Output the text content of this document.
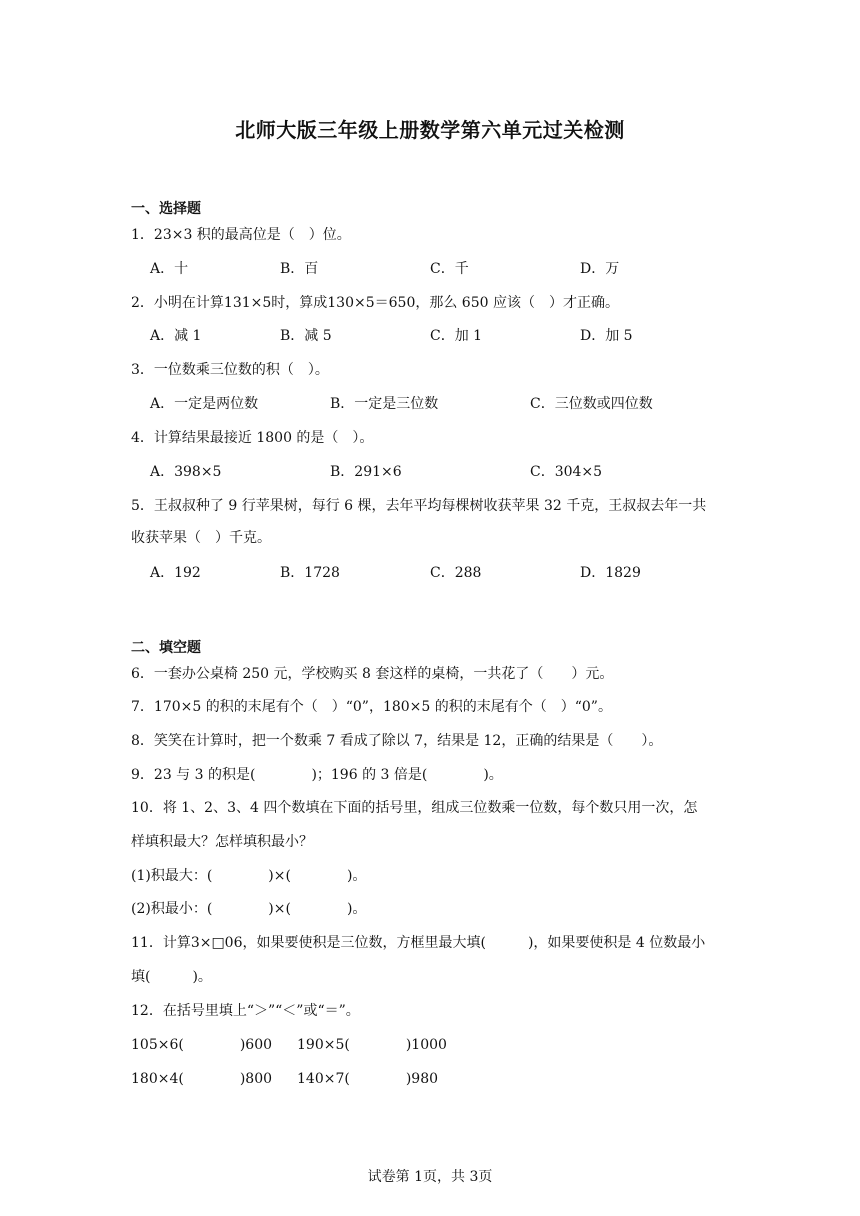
北师大版三年级上册数学第六单元过关检测
一、选择题
1．23×3 积的最高位是（　）位。
A．十	B．百	C．千	D．万
2．小明在计算131×5时，算成130×5＝650，那么 650 应该（　）才正确。
A．减 1	B．减 5	C．加 1	D．加 5
3．一位数乘三位数的积（　）。
A．一定是两位数	B．一定是三位数	C．三位数或四位数
4．计算结果最接近 1800 的是（　）。
A．398×5	B．291×6	C．304×5
5．王叔叔种了 9 行苹果树，每行 6 棵，去年平均每棵树收获苹果 32 千克，王叔叔去年一共
收获苹果（　）千克。
A．192	B．1728	C．288	D．1829
二、填空题
6．一套办公桌椅 250 元，学校购买 8 套这样的桌椅，一共花了（　　）元。
7．170×5 的积的末尾有个（　）“0”，180×5 的积的末尾有个（　）“0”。
8．笑笑在计算时，把一个数乘 7 看成了除以 7，结果是 12，正确的结果是（　　）。
9．23 与 3 的积是(　　　　)；196 的 3 倍是(　　　　)。
10．将 1、2、3、4 四个数填在下面的括号里，组成三位数乘一位数，每个数只用一次，怎
样填积最大？怎样填积最小？
(1)积最大：(　　　　)×(　　　　)。
(2)积最小：(　　　　)×(　　　　)。
11．计算3×□06，如果要使积是三位数，方框里最大填(　　　)，如果要使积是 4 位数最小
填(　　　)。
12．在括号里填上“＞”“＜”或“＝”。
105×6(　　　　)600 190×5(　　　　)1000
180×4(　　　　)800 140×7(　　　　)980
试卷第 1页，共 3页
